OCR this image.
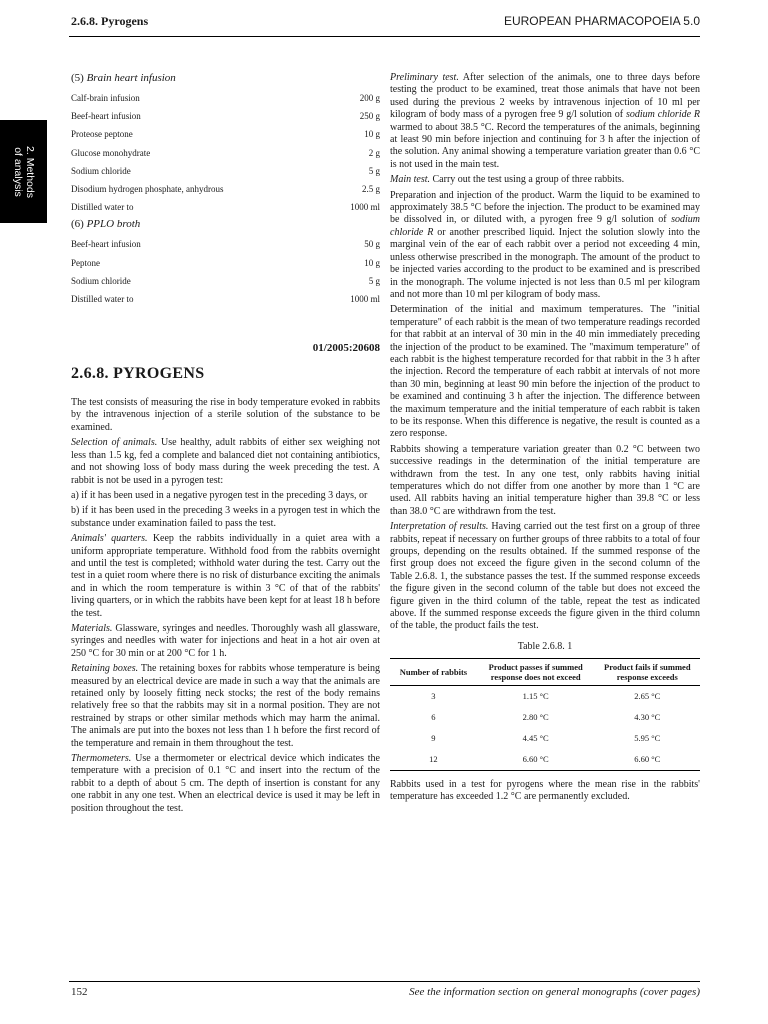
2.6.8. Pyrogens	EUROPEAN PHARMACOPOEIA 5.0
2. Methods
of analysis
(5) Brain heart infusion
Calf-brain infusion	200 g
Beef-heart infusion	250 g
Proteose peptone	10 g
Glucose monohydrate	2 g
Sodium chloride	5 g
Disodium hydrogen phosphate, anhydrous	2.5 g
Distilled water to	1000 ml
(6) PPLO broth
Beef-heart infusion	50 g
Peptone	10 g
Sodium chloride	5 g
Distilled water to	1000 ml
01/2005:20608
2.6.8. PYROGENS

The test consists of measuring the rise in body temperature evoked in rabbits by the intravenous injection of a sterile solution of the substance to be examined.

Selection of animals. Use healthy, adult rabbits of either sex weighing not less than 1.5 kg, fed a complete and balanced diet not containing antibiotics, and not showing loss of body mass during the week preceding the test. A rabbit is not be used in a pyrogen test:

a) if it has been used in a negative pyrogen test in the preceding 3 days, or

b) if it has been used in the preceding 3 weeks in a pyrogen test in which the substance under examination failed to pass the test.

Animals' quarters. Keep the rabbits individually in a quiet area with a uniform appropriate temperature. Withhold food from the rabbits overnight and until the test is completed; withhold water during the test. Carry out the test in a quiet room where there is no risk of disturbance exciting the animals and in which the room temperature is within 3 °C of that of the rabbits' living quarters, or in which the rabbits have been kept for at least 18 h before the test.

Materials. Glassware, syringes and needles. Thoroughly wash all glassware, syringes and needles with water for injections and heat in a hot air oven at 250 °C for 30 min or at 200 °C for 1 h.

Retaining boxes. The retaining boxes for rabbits whose temperature is being measured by an electrical device are made in such a way that the animals are retained only by loosely fitting neck stocks; the rest of the body remains relatively free so that the rabbits may sit in a normal position. They are not restrained by straps or other similar methods which may harm the animal. The animals are put into the boxes not less than 1 h before the first record of the temperature and remain in them throughout the test.

Thermometers. Use a thermometer or electrical device which indicates the temperature with a precision of 0.1 °C and insert into the rectum of the rabbit to a depth of about 5 cm. The depth of insertion is constant for any one rabbit in any one test. When an electrical device is used it may be left in position throughout the test.

Preliminary test. After selection of the animals, one to three days before testing the product to be examined, treat those animals that have not been used during the previous 2 weeks by intravenous injection of 10 ml per kilogram of body mass of a pyrogen free 9 g/l solution of sodium chloride R warmed to about 38.5 °C. Record the temperatures of the animals, beginning at least 90 min before injection and continuing for 3 h after the injection of the solution. Any animal showing a temperature variation greater than 0.6 °C is not used in the main test.

Main test. Carry out the test using a group of three rabbits.

Preparation and injection of the product. Warm the liquid to be examined to approximately 38.5 °C before the injection. The product to be examined may be dissolved in, or diluted with, a pyrogen free 9 g/l solution of sodium chloride R or another prescribed liquid. Inject the solution slowly into the marginal vein of the ear of each rabbit over a period not exceeding 4 min, unless otherwise prescribed in the monograph. The amount of the product to be injected varies according to the product to be examined and is prescribed in the monograph. The volume injected is not less than 0.5 ml per kilogram and not more than 10 ml per kilogram of body mass.

Determination of the initial and maximum temperatures. The "initial temperature" of each rabbit is the mean of two temperature readings recorded for that rabbit at an interval of 30 min in the 40 min immediately preceding the injection of the product to be examined. The "maximum temperature" of each rabbit is the highest temperature recorded for that rabbit in the 3 h after the injection. Record the temperature of each rabbit at intervals of not more than 30 min, beginning at least 90 min before the injection of the product to be examined and continuing 3 h after the injection. The difference between the maximum temperature and the initial temperature of each rabbit is taken to be its response. When this difference is negative, the result is counted as a zero response.

Rabbits showing a temperature variation greater than 0.2 °C between two successive readings in the determination of the initial temperature are withdrawn from the test. In any one test, only rabbits having initial temperatures which do not differ from one another by more than 1 °C are used. All rabbits having an initial temperature higher than 39.8 °C or less than 38.0 °C are withdrawn from the test.

Interpretation of results. Having carried out the test first on a group of three rabbits, repeat if necessary on further groups of three rabbits to a total of four groups, depending on the results obtained. If the summed response of the first group does not exceed the figure given in the second column of the Table 2.6.8. 1, the substance passes the test. If the summed response exceeds the figure given in the second column of the table but does not exceed the figure given in the third column of the table, repeat the test as indicated above. If the summed response exceeds the figure given in the third column of the table, the product fails the test.

Table 2.6.8. 1
Number of rabbits	Product passes if summed response does not exceed	Product fails if summed response exceeds
3	1.15 °C	2.65 °C
6	2.80 °C	4.30 °C
9	4.45 °C	5.95 °C
12	6.60 °C	6.60 °C

Rabbits used in a test for pyrogens where the mean rise in the rabbits' temperature has exceeded 1.2 °C are permanently excluded.

152	See the information section on general monographs (cover pages)
